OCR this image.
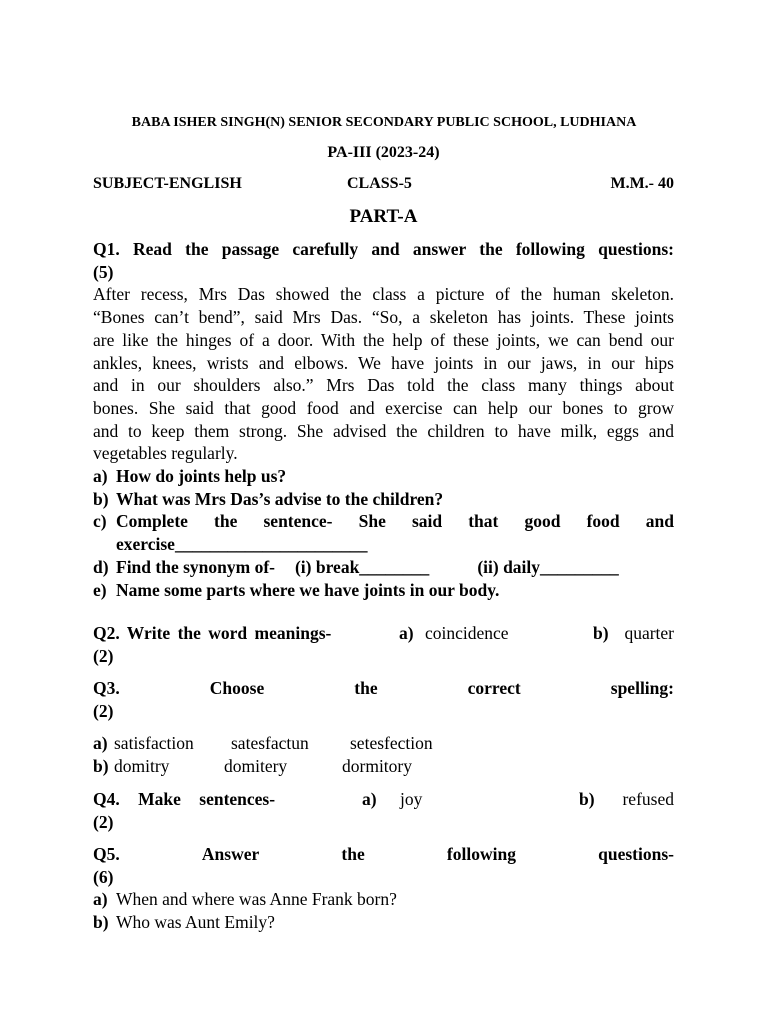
BABA ISHER SINGH(N) SENIOR SECONDARY PUBLIC SCHOOL, LUDHIANA
PA-III (2023-24)
SUBJECT-ENGLISH	CLASS-5	M.M.- 40
PART-A
Q1. Read the passage carefully and answer the following questions:
(5)
After recess, Mrs Das showed the class a picture of the human skeleton.
“Bones can’t bend”, said Mrs Das. “So, a skeleton has joints. These joints
are like the hinges of a door. With the help of these joints, we can bend our
ankles, knees, wrists and elbows. We have joints in our jaws, in our hips
and in our shoulders also.” Mrs Das told the class many things about
bones. She said that good food and exercise can help our bones to grow
and to keep them strong. She advised the children to have milk, eggs and
vegetables regularly.
a) How do joints help us?
b) What was Mrs Das’s advise to the children?
c) Complete the sentence- She said that good food and
exercise______________________
d) Find the synonym of- (i) break________	(ii) daily_________
e) Name some parts where we have joints in our body.
Q2. Write the word meanings-	a) coincidence	b) quarter
(2)
Q3.	Choose	the	correct	spelling:
(2)
a) satisfaction satesfactun setesfection
b) domitry	domitery	dormitory
Q4. Make sentences-	a) joy	b) refused
(2)
Q5.	Answer	the	following	questions-
(6)
a) When and where was Anne Frank born?
b) Who was Aunt Emily?
